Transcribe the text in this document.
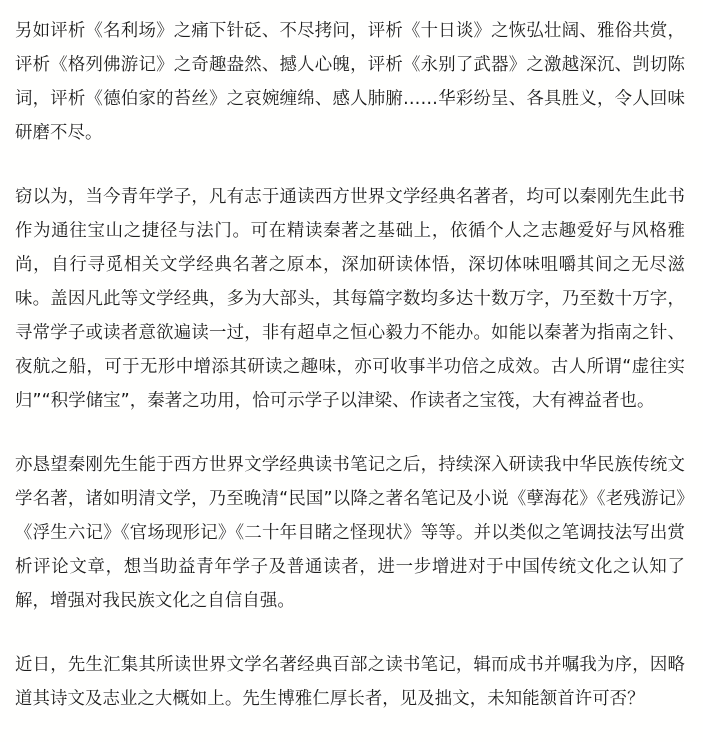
另如评析《名利场》之痛下针砭、不尽拷问，评析《十日谈》之恢弘壮阔、雅俗共赏，评析《格列佛游记》之奇趣盎然、撼人心魄，评析《永别了武器》之激越深沉、剀切陈词，评析《德伯家的苔丝》之哀婉缠绵、感人肺腑……华彩纷呈、各具胜义，令人回味研磨不尽。

窃以为，当今青年学子，凡有志于通读西方世界文学经典名著者，均可以秦刚先生此书作为通往宝山之捷径与法门。可在精读秦著之基础上，依循个人之志趣爱好与风格雅尚，自行寻觅相关文学经典名著之原本，深加研读体悟，深切体味咀嚼其间之无尽滋味。盖因凡此等文学经典，多为大部头，其每篇字数均多达十数万字，乃至数十万字，寻常学子或读者意欲遍读一过，非有超卓之恒心毅力不能办。如能以秦著为指南之针、夜航之船，可于无形中增添其研读之趣味，亦可收事半功倍之成效。古人所谓“虚往实归”“积学储宝”，秦著之功用，恰可示学子以津梁、作读者之宝筏，大有裨益者也。

亦恳望秦刚先生能于西方世界文学经典读书笔记之后，持续深入研读我中华民族传统文学名著，诸如明清文学，乃至晚清“民国”以降之著名笔记及小说《孽海花》《老残游记》《浮生六记》《官场现形记》《二十年目睹之怪现状》等等。并以类似之笔调技法写出赏析评论文章，想当助益青年学子及普通读者，进一步增进对于中国传统文化之认知了解，增强对我民族文化之自信自强。

近日，先生汇集其所读世界文学名著经典百部之读书笔记，辑而成书并嘱我为序，因略道其诗文及志业之大概如上。先生博雅仁厚长者，见及拙文，未知能颔首许可否？
